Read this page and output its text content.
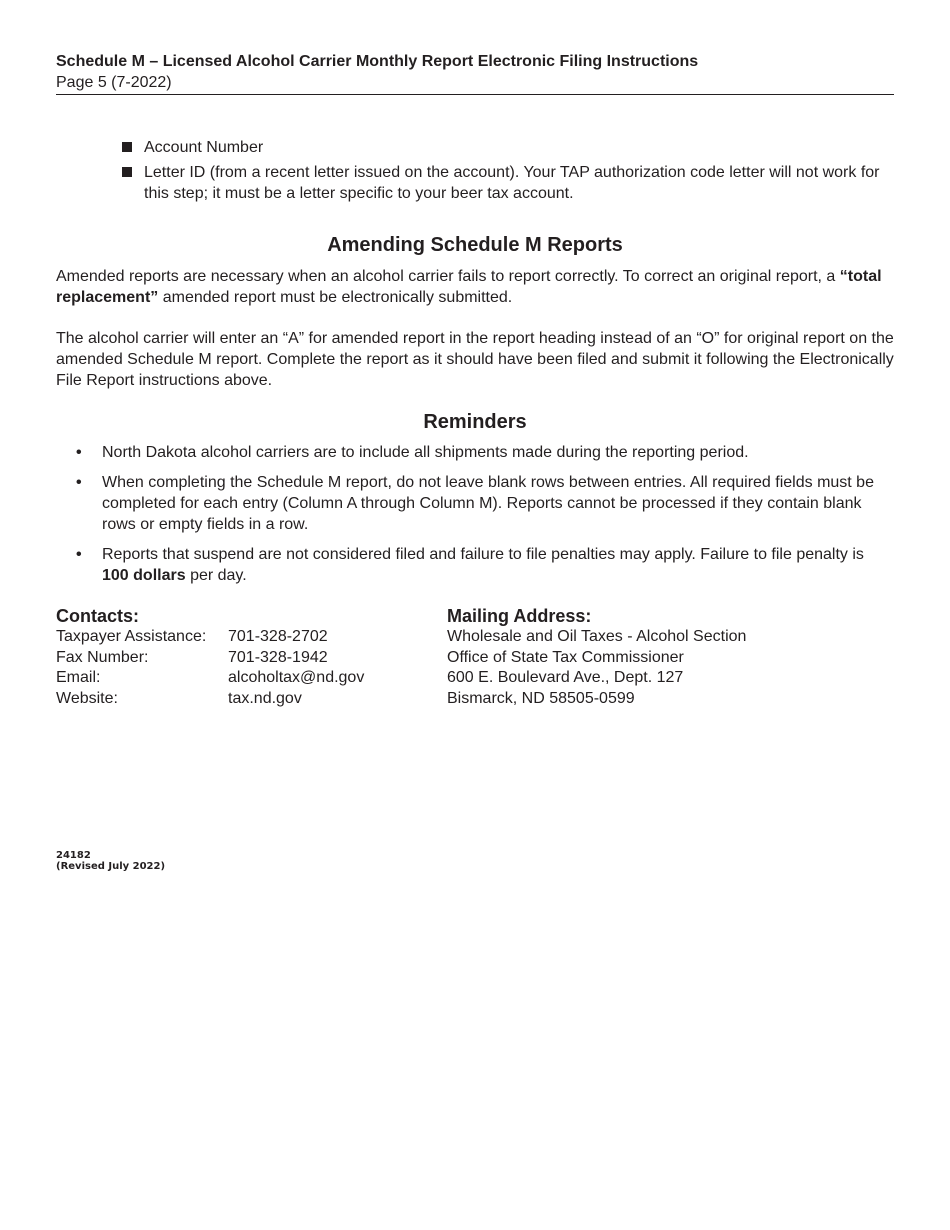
Schedule M – Licensed Alcohol Carrier Monthly Report Electronic Filing Instructions
Page 5 (7-2022)
Account Number
Letter ID (from a recent letter issued on the account). Your TAP authorization code letter will not work for this step; it must be a letter specific to your beer tax account.
Amending Schedule M Reports
Amended reports are necessary when an alcohol carrier fails to report correctly. To correct an original report, a “total replacement” amended report must be electronically submitted.
The alcohol carrier will enter an “A” for amended report in the report heading instead of an “O” for original report on the amended Schedule M report. Complete the report as it should have been filed and submit it following the Electronically File Report instructions above.
Reminders
• North Dakota alcohol carriers are to include all shipments made during the reporting period.
• When completing the Schedule M report, do not leave blank rows between entries. All required fields must be completed for each entry (Column A through Column M). Reports cannot be processed if they contain blank rows or empty fields in a row.
• Reports that suspend are not considered filed and failure to file penalties may apply. Failure to file penalty is 100 dollars per day.
Contacts:
Taxpayer Assistance:	701-328-2702
Fax Number:	701-328-1942
Email:	alcoholtax@nd.gov
Website:	tax.nd.gov
Mailing Address:
Wholesale and Oil Taxes - Alcohol Section
Office of State Tax Commissioner
600 E. Boulevard Ave., Dept. 127
Bismarck, ND 58505-0599
24182
(Revised July 2022)
